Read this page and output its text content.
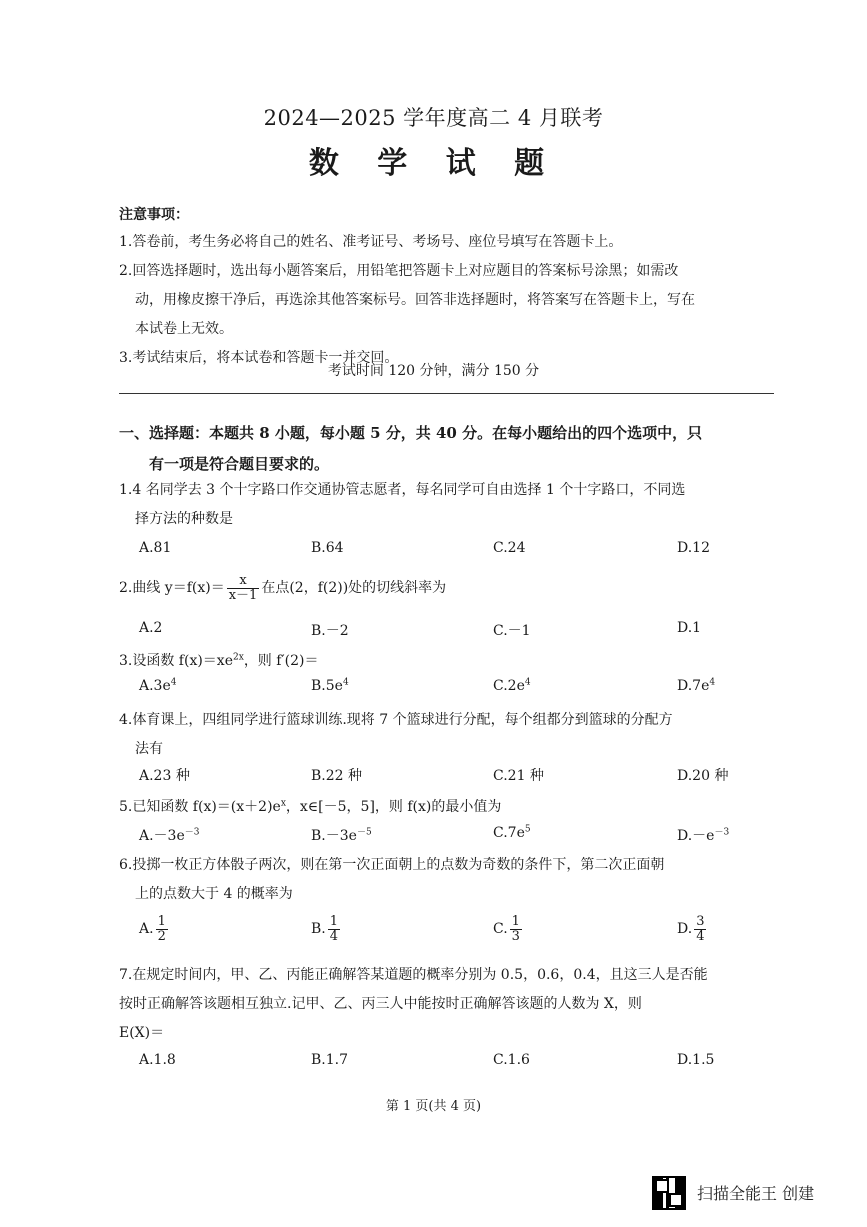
2024—2025 学年度高二 4 月联考
数 学 试 题
注意事项：
1.答卷前，考生务必将自己的姓名、准考证号、考场号、座位号填写在答题卡上。
2.回答选择题时，选出每小题答案后，用铅笔把答题卡上对应题目的答案标号涂黑；如需改
动，用橡皮擦干净后，再选涂其他答案标号。回答非选择题时，将答案写在答题卡上，写在
本试卷上无效。
3.考试结束后，将本试卷和答题卡一并交回。
考试时间 120 分钟，满分 150 分
一、选择题：本题共 8 小题，每小题 5 分，共 40 分。在每小题给出的四个选项中，只
有一项是符合题目要求的。
1.4 名同学去 3 个十字路口作交通协管志愿者，每名同学可自由选择 1 个十字路口，不同选
择方法的种数是
A.81	B.64	C.24	D.12
2.曲线 $y=f(x)= \frac{x}{x-1}$ 在点(2，f(2))处的切线斜率为
A.2	B.－2	C.－1	D.1
3.设函数 $f(x)=xe^{2x}$，则 f′(2)＝
$A.3e^4$	$B.5e^4$	$C.2e^4$	$D.7e^4$
4.体育课上，四组同学进行篮球训练.现将 7 个篮球进行分配，每个组都分到篮球的分配方
法有
A.23 种	B.22 种	C.21 种	D.20 种
5.已知函数 $f(x)=(x+2)e^x$，x∈[－5，5]，则 f(x)的最小值为
$A.-3e^{-3}$	$B.-3e^{-5}$	$C.7e^5$	$D.-e^{-3}$
6.投掷一枚正方体骰子两次，则在第一次正面朝上的点数为奇数的条件下，第二次正面朝
上的点数大于 4 的概率为
A. $\frac{1}{2}$	B. $\frac{1}{4}$	C. $\frac{1}{3}$	D. $\frac{3}{4}$
7.在规定时间内，甲、乙、丙能正确解答某道题的概率分别为 0.5，0.6，0.4，且这三人是否能
按时正确解答该题相互独立.记甲、乙、丙三人中能按时正确解答该题的人数为 X，则
E(X)＝
A.1.8	B.1.7	C.1.6	D.1.5
第 1 页(共 4 页)
扫描全能王 创建
